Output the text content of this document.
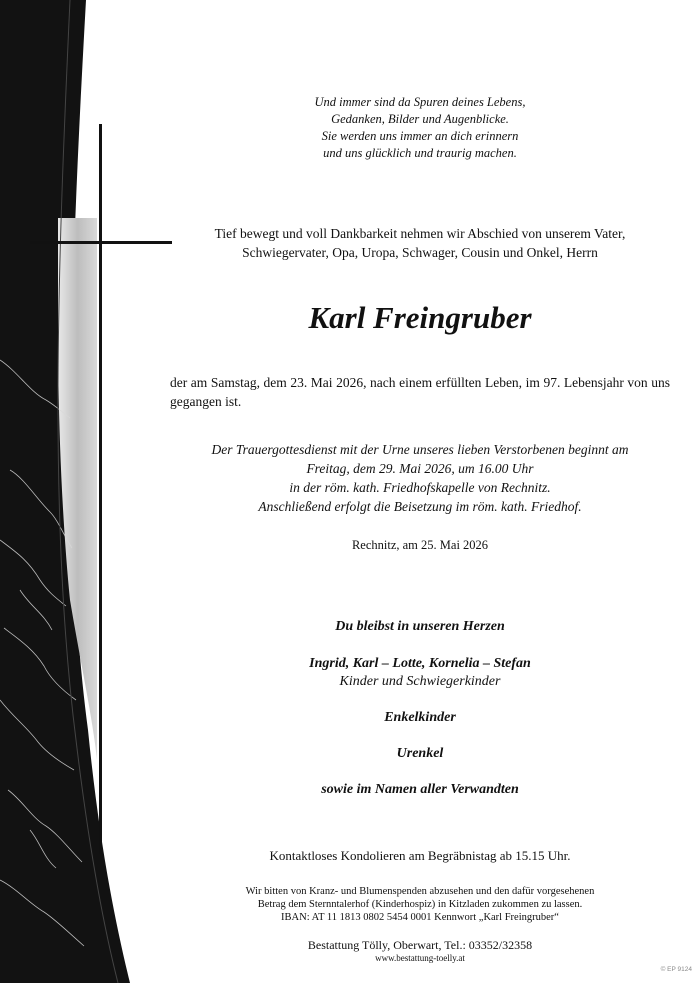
Und immer sind da Spuren deines Lebens,
Gedanken, Bilder und Augenblicke.
Sie werden uns immer an dich erinnern
und uns glücklich und traurig machen.
Tief bewegt und voll Dankbarkeit nehmen wir Abschied von unserem Vater,
Schwiegervater, Opa, Uropa, Schwager, Cousin und Onkel, Herrn
Karl Freingruber
der am Samstag, dem 23. Mai 2026, nach einem erfüllten Leben, im 97. Lebensjahr von uns gegangen ist.
Der Trauergottesdienst mit der Urne unseres lieben Verstorbenen beginnt am
Freitag, dem 29. Mai 2026, um 16.00 Uhr
in der röm. kath. Friedhofskapelle von Rechnitz.
Anschließend erfolgt die Beisetzung im röm. kath. Friedhof.
Rechnitz, am 25. Mai 2026
Du bleibst in unseren Herzen
Ingrid, Karl – Lotte, Kornelia – Stefan
Kinder und Schwiegerkinder
Enkelkinder
Urenkel
sowie im Namen aller Verwandten
Kontaktloses Kondolieren am Begräbnistag ab 15.15 Uhr.
Wir bitten von Kranz- und Blumenspenden abzusehen und den dafür vorgesehenen
Betrag dem Sternntalerhof (Kinderhospiz) in Kitzladen zukommen zu lassen.
IBAN: AT 11 1813 0802 5454 0001 Kennwort „Karl Freingruber“
Bestattung Tölly, Oberwart, Tel.: 03352/32358
www.bestattung-toelly.at
© EP 9124
